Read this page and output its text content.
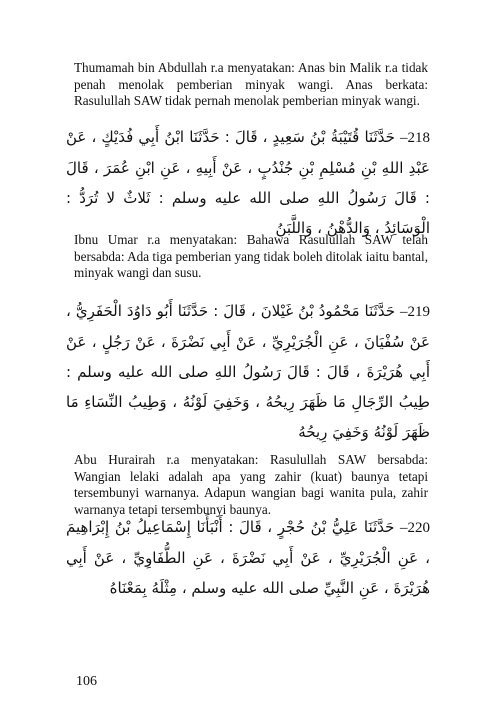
Thumamah bin Abdullah r.a menyatakan: Anas bin Malik r.a tidak penah menolak pemberian minyak wangi. Anas berkata: Rasulullah SAW tidak pernah menolak pemberian minyak wangi.

–218 حَدَّثَنَا قُتَيْبَةُ بْنُ سَعِيدٍ ، قَالَ : حَدَّثَنَا ابْنُ أَبِي فُدَيْكٍ ، عَنْ عَبْدِ اللهِ بْنِ مُسْلِمِ بْنِ جُنْدُبٍ ، عَنْ أَبِيهِ ، عَنِ ابْنِ عُمَرَ ، قَالَ : قَالَ رَسُولُ اللهِ صلى الله عليه وسلم : ثَلاثٌ لا تُرَدُّ : الْوَسَائِدُ ، وَالدُّهْنُ ، وَاللَّبَنُ

Ibnu Umar r.a menyatakan: Bahawa Rasulullah SAW telah bersabda: Ada tiga pemberian yang tidak boleh ditolak iaitu bantal, minyak wangi dan susu.

–219 حَدَّثَنَا مَحْمُودُ بْنُ غَيْلانَ ، قَالَ : حَدَّثَنَا أَبُو دَاوُدَ الْحَفَرِيُّ ، عَنْ سُفْيَانَ ، عَنِ الْجُرَيْرِيِّ ، عَنْ أَبِي نَضْرَةَ ، عَنْ رَجُلٍ ، عَنْ أَبِي هُرَيْرَةَ ، قَالَ : قَالَ رَسُولُ اللهِ صلى الله عليه وسلم : طِيبُ الرِّجَالِ مَا ظَهَرَ رِيحُهُ ، وَخَفِيَ لَوْنُهُ ، وَطِيبُ النِّسَاءِ مَا ظَهَرَ لَوْنُهُ وَخَفِيَ رِيحُهُ

Abu Hurairah r.a menyatakan: Rasulullah SAW bersabda: Wangian lelaki adalah apa yang zahir (kuat) baunya tetapi tersembunyi warnanya. Adapun wangian bagi wanita pula, zahir warnanya tetapi tersembunyi baunya.

–220 حَدَّثَنَا عَلِيُّ بْنُ حُجْرٍ ، قَالَ : أَنْبَأَنَا إِسْمَاعِيلُ بْنُ إِبْرَاهِيمَ ، عَنِ الْجُرَيْرِيِّ ، عَنْ أَبِي نَضْرَةَ ، عَنِ الطُّفَاوِيِّ ، عَنْ أَبِي هُرَيْرَةَ ، عَنِ النَّبِيِّ صلى الله عليه وسلم ، مِثْلَهُ بِمَعْنَاهُ

106
